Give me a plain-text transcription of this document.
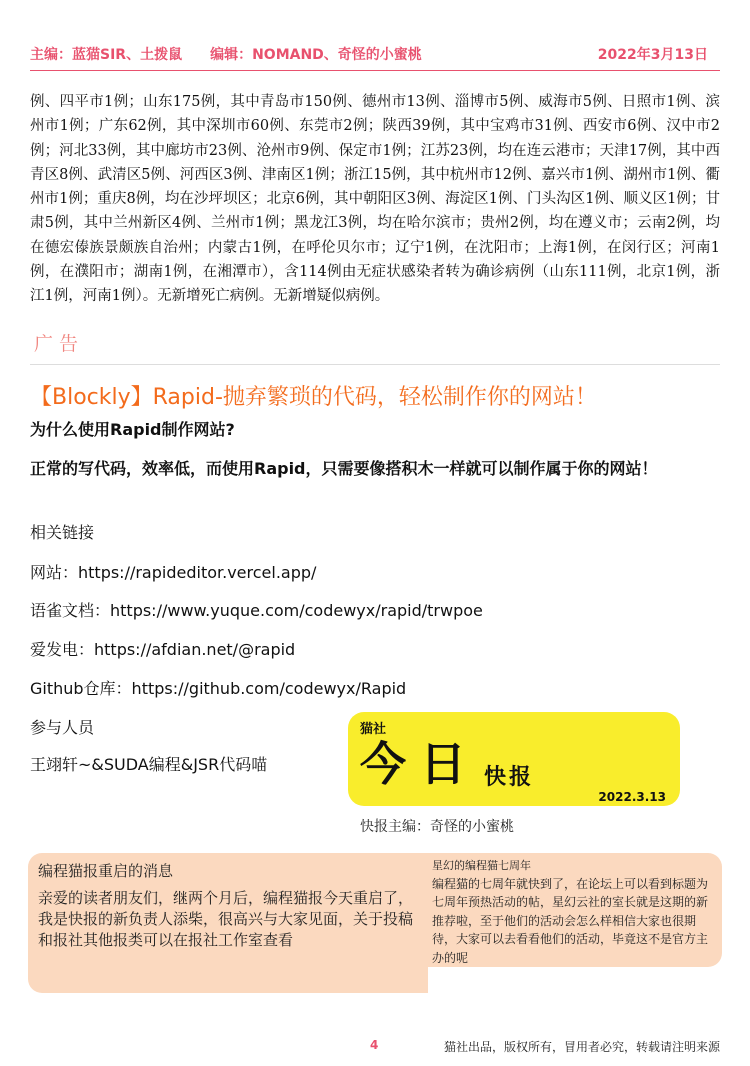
主编：蓝猫SIR、土拨鼠 编辑：NOMAND、奇怪的小蜜桃	2022年3月13日
例、四平市1例；山东175例，其中青岛市150例、德州市13例、淄博市5例、威海市5例、日照市1例、滨州市1例；广东62例，其中深圳市60例、东莞市2例；陕西39例，其中宝鸡市31例、西安市6例、汉中市2例；河北33例，其中廊坊市23例、沧州市9例、保定市1例；江苏23例，均在连云港市；天津17例，其中西青区8例、武清区5例、河西区3例、津南区1例；浙江15例，其中杭州市12例、嘉兴市1例、湖州市1例、衢州市1例；重庆8例，均在沙坪坝区；北京6例，其中朝阳区3例、海淀区1例、门头沟区1例、顺义区1例；甘肃5例，其中兰州新区4例、兰州市1例；黑龙江3例，均在哈尔滨市；贵州2例，均在遵义市；云南2例，均在德宏傣族景颇族自治州；内蒙古1例，在呼伦贝尔市；辽宁1例，在沈阳市；上海1例，在闵行区；河南1例，在濮阳市；湖南1例，在湘潭市），含114例由无症状感染者转为确诊病例（山东111例，北京1例，浙江1例，河南1例）。无新增死亡病例。无新增疑似病例。
广告
【Blockly】Rapid-抛弃繁琐的代码，轻松制作你的网站！
为什么使用Rapid制作网站?
正常的写代码，效率低，而使用Rapid，只需要像搭积木一样就可以制作属于你的网站！
相关链接
网站：https://rapideditor.vercel.app/
语雀文档：https://www.yuque.com/codewyx/rapid/trwpoe
爱发电：https://afdian.net/@rapid
Github仓库：https://github.com/codewyx/Rapid
参与人员
王翊轩~&SUDA编程&JSR代码喵
猫社
今日 快报
2022.3.13
快报主编：奇怪的小蜜桃
编程猫报重启的消息
亲爱的读者朋友们，继两个月后，编程猫报今天重启了，我是快报的新负责人添柴，很高兴与大家见面，关于投稿和报社其他报类可以在报社工作室查看
星幻的编程猫七周年
编程猫的七周年就快到了，在论坛上可以看到标题为七周年预热活动的帖，星幻云社的室长就是这期的新推荐啦，至于他们的活动会怎么样相信大家也很期待，大家可以去看看他们的活动，毕竟这不是官方主办的呢
4	猫社出品，版权所有，冒用者必究，转载请注明来源
